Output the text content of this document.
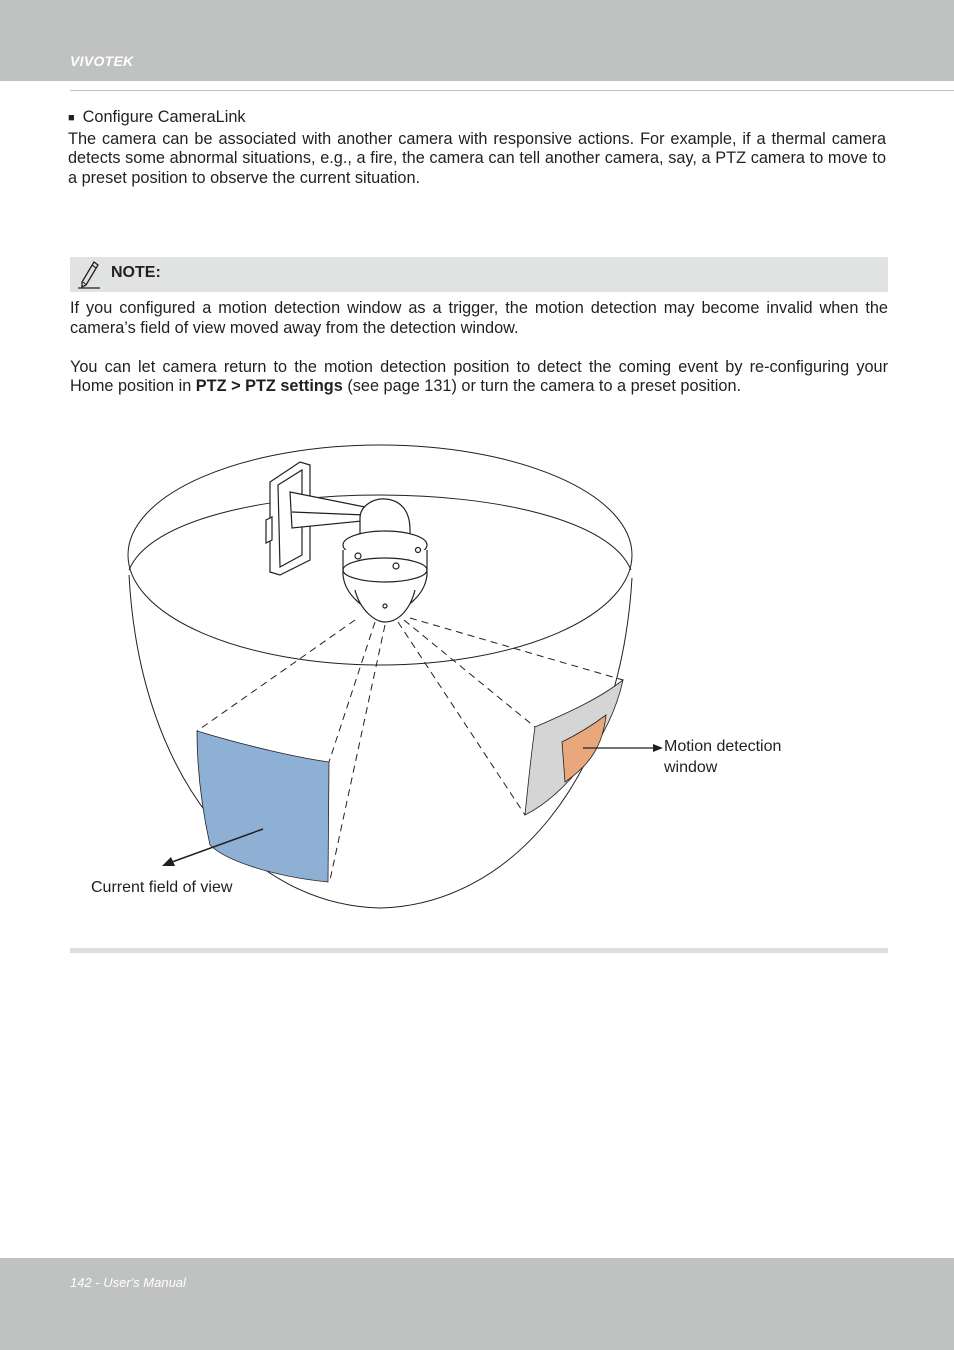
VIVOTEK

■ Configure CameraLink

The camera can be associated with another camera with responsive actions. For example, if a thermal camera detects some abnormal situations, e.g., a fire, the camera can tell another camera, say, a PTZ camera to move to a preset position to observe the current situation.

NOTE:

If you configured a motion detection window as a trigger, the motion detection may become invalid when the camera’s field of view moved away from the detection window.

You can let camera return to the motion detection position to detect the coming event by re-configuring your Home position in PTZ > PTZ settings (see page 131) or turn the camera to a preset position.

Motion detection window
Current field of view
142 - User's Manual
